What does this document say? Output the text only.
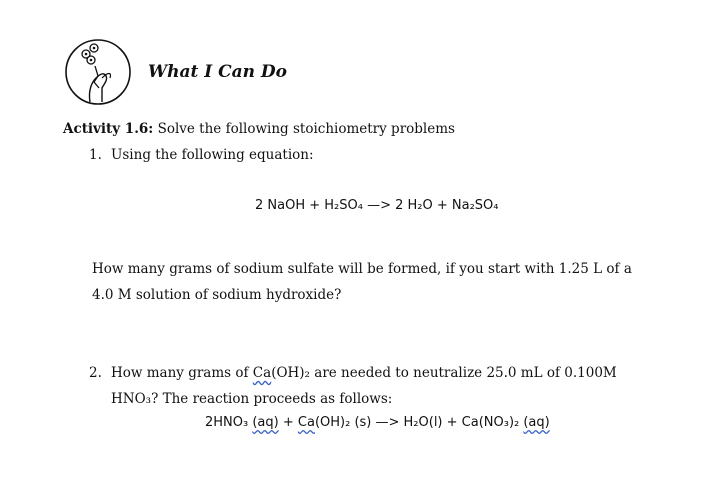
What I Can Do
Activity 1.6: Solve the following stoichiometry problems
1. Using the following equation:
2 NaOH + H₂SO₄ —> 2 H₂O + Na₂SO₄
How many grams of sodium sulfate will be formed, if you start with 1.25 L of a
4.0 M solution of sodium hydroxide?
2. How many grams of Ca(OH)₂ are needed to neutralize 25.0 mL of 0.100M
HNO₃? The reaction proceeds as follows:
2HNO₃ (aq) + Ca(OH)₂ (s) —> H₂O(l) + Ca(NO₃)₂ (aq)
